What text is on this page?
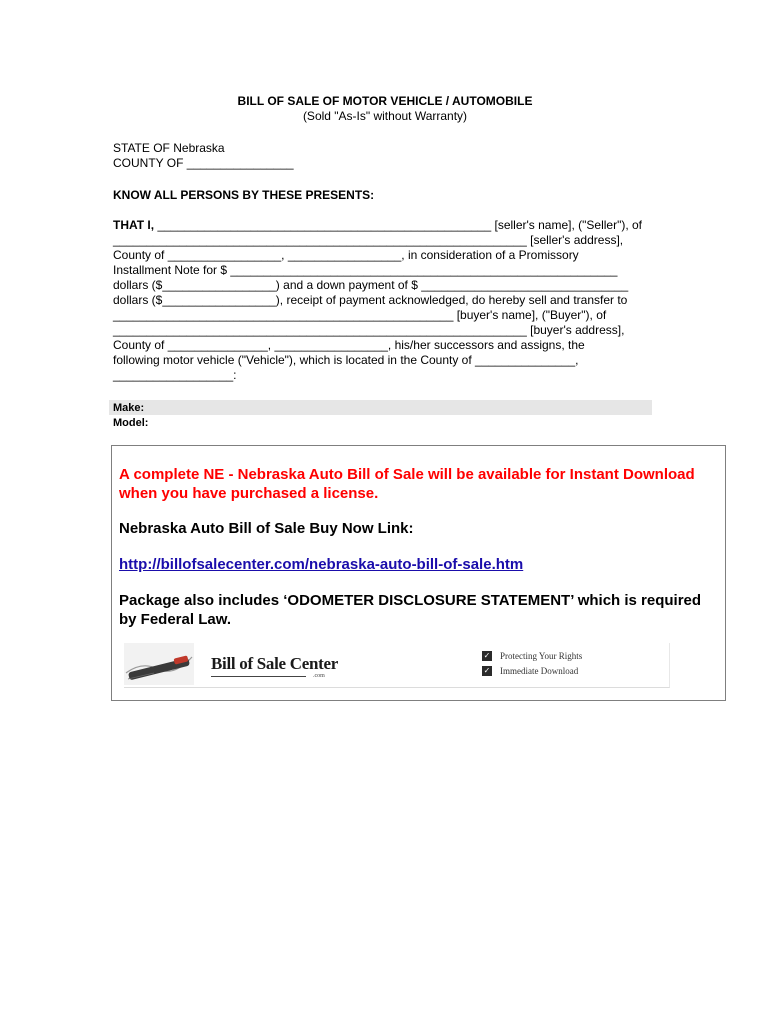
BILL OF SALE OF MOTOR VEHICLE / AUTOMOBILE
(Sold "As-Is" without Warranty)
STATE OF Nebraska
COUNTY OF ________________
KNOW ALL PERSONS BY THESE PRESENTS:
THAT I, __________________________________________________ [seller's name], ("Seller"), of
______________________________________________________________ [seller's address],
County of _________________, _________________, in consideration of a Promissory
Installment Note for $ __________________________________________________________
dollars ($_________________) and a down payment of $ _______________________________
dollars ($_________________), receipt of payment acknowledged, do hereby sell and transfer to
___________________________________________________ [buyer's name], ("Buyer"), of
______________________________________________________________ [buyer's address],
County of _______________, _________________, his/her successors and assigns, the
following motor vehicle ("Vehicle"), which is located in the County of _______________,
__________________:
Make:
Model:
A complete NE - Nebraska Auto Bill of Sale will be available for Instant Download when you have purchased a license.
Nebraska Auto Bill of Sale Buy Now Link:
http://billofsalecenter.com/nebraska-auto-bill-of-sale.htm
Package also includes ‘ODOMETER DISCLOSURE STATEMENT’ which is required by Federal Law.
Bill of Sale Center
.com
✓ Protecting Your Rights
✓ Immediate Download
